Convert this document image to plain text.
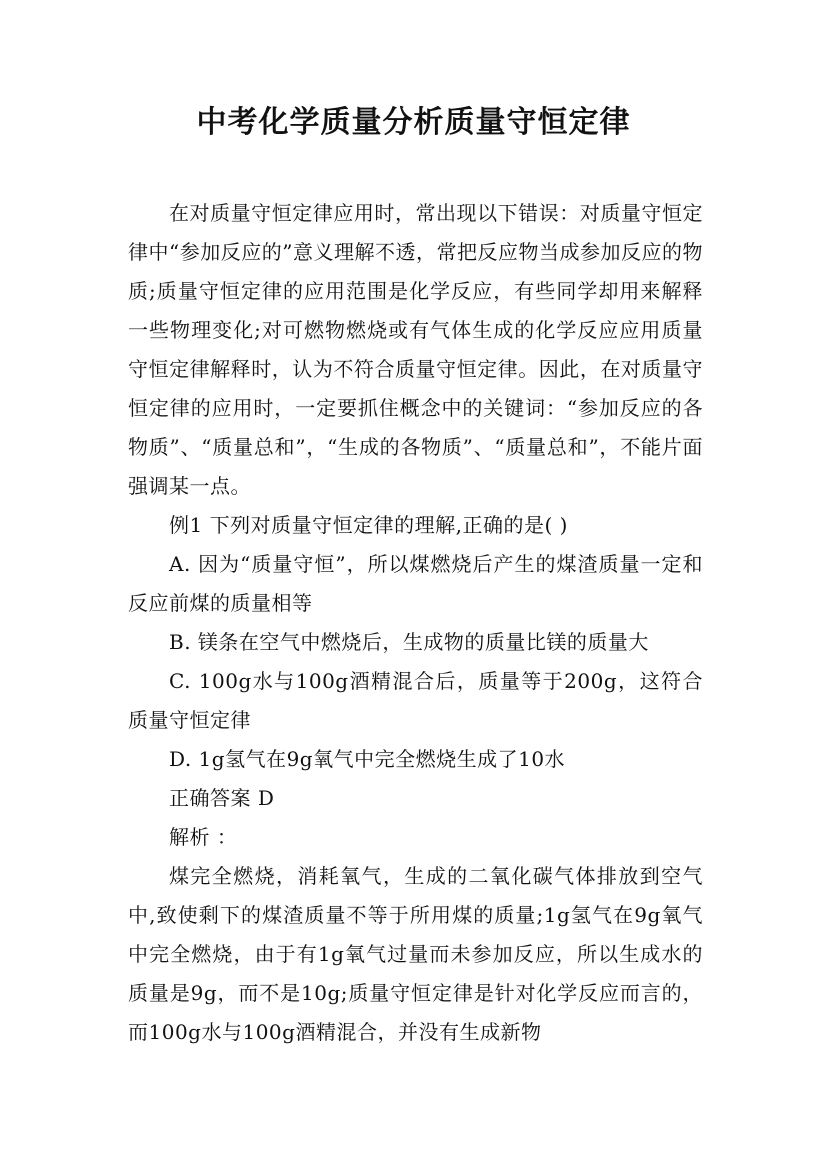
中考化学质量分析质量守恒定律

在对质量守恒定律应用时，常出现以下错误：对质量守恒定律中“参加反应的”意义理解不透，常把反应物当成参加反应的物质;质量守恒定律的应用范围是化学反应，有些同学却用来解释一些物理变化;对可燃物燃烧或有气体生成的化学反应应用质量守恒定律解释时，认为不符合质量守恒定律。因此，在对质量守恒定律的应用时，一定要抓住概念中的关键词：“参加反应的各物质”、“质量总和”，“生成的各物质”、“质量总和”，不能片面强调某一点。

例1 下列对质量守恒定律的理解,正确的是( )

A. 因为“质量守恒”，所以煤燃烧后产生的煤渣质量一定和反应前煤的质量相等

B. 镁条在空气中燃烧后，生成物的质量比镁的质量大

C. 100g水与100g酒精混合后，质量等于200g，这符合质量守恒定律

D. 1g氢气在9g氧气中完全燃烧生成了10水

正确答案 D

解析 ：

煤完全燃烧，消耗氧气，生成的二氧化碳气体排放到空气中,致使剩下的煤渣质量不等于所用煤的质量;1g氢气在9g氧气中完全燃烧，由于有1g氧气过量而未参加反应，所以生成水的质量是9g，而不是10g;质量守恒定律是针对化学反应而言的，而100g水与100g酒精混合，并没有生成新物
